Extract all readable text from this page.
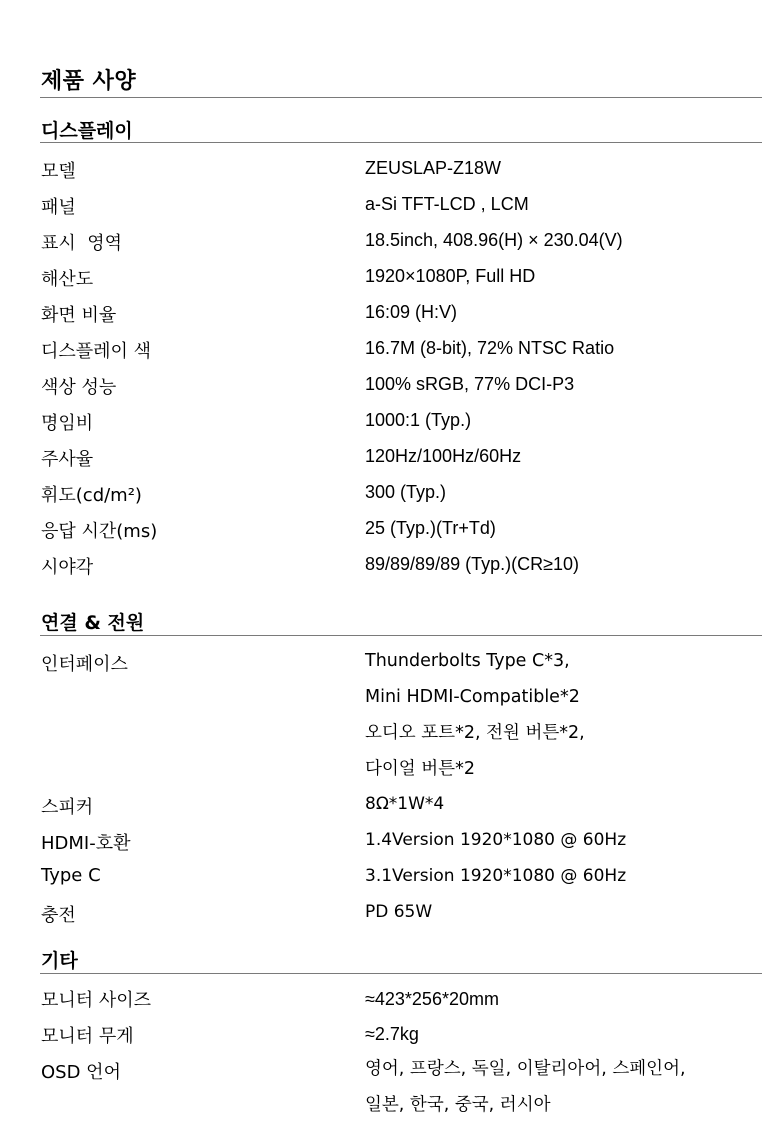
제품 사양
디스플레이
모델	ZEUSLAP-Z18W
패널	a-Si TFT-LCD , LCM
표시  영역	18.5inch, 408.96(H) × 230.04(V)
해산도	1920×1080P, Full HD
화면 비율	16:09 (H:V)
디스플레이 색	16.7M (8-bit), 72% NTSC Ratio
색상 성능	100% sRGB, 77% DCI-P3
명임비	1000:1 (Typ.)
주사율	120Hz/100Hz/60Hz
휘도(cd/m²)	300 (Typ.)
응답 시간(ms)	25 (Typ.)(Tr+Td)
시야각	89/89/89/89 (Typ.)(CR≥10)
연결 & 전원
인터페이스	Thunderbolts Type C*3,
Mini HDMI-Compatible*2
오디오 포트*2, 전원 버튼*2,
다이얼 버튼*2
스피커	8Ω*1W*4
HDMI-호환	1.4Version 1920*1080 @ 60Hz
Type C	3.1Version 1920*1080 @ 60Hz
충전	PD 65W
기타
모니터 사이즈	≈423*256*20mm
모니터 무게	≈2.7kg
OSD 언어	영어, 프랑스, 독일, 이탈리아어, 스페인어,
일본, 한국, 중국, 러시아
